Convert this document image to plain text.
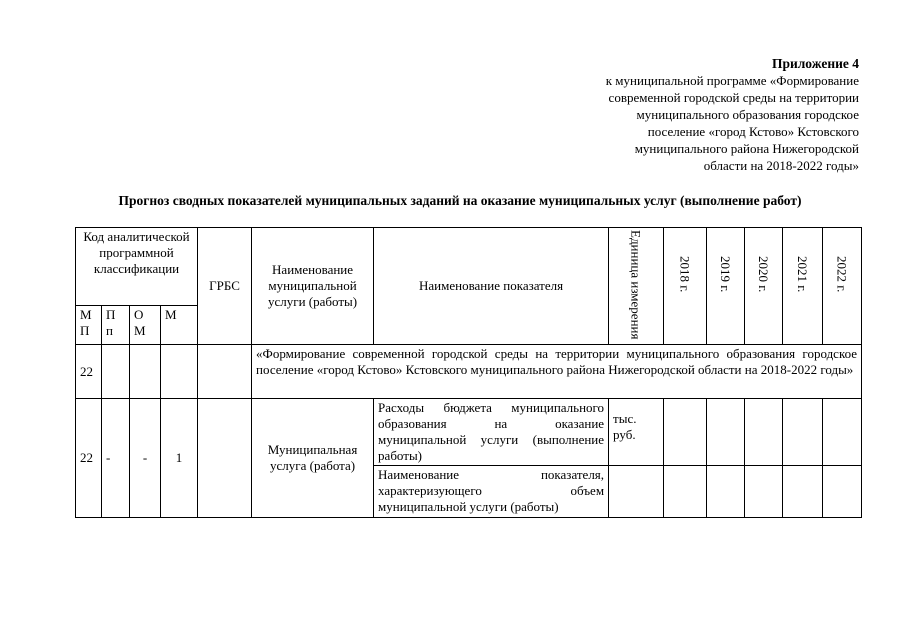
Приложение 4
к муниципальной программе «Формирование
современной городской среды на территории
муниципального образования городское
поселение «город Кстово» Кстовского
муниципального района Нижегородской
области на 2018-2022 годы»
Прогноз сводных показателей муниципальных заданий на оказание муниципальных услуг (выполнение работ)
Код аналитической программной классификации				ГРБС	Наименование муниципальной услуги (работы)	Наименование показателя	Единица измерения	2018 г.	2019 г.	2020 г.	2021 г.	2022 г.
М П	П п	О М	М									
22					«Формирование современной городской среды на территории муниципального образования городское поселение «город Кстово» Кстовского муниципального района Нижегородской области на 2018-2022 годы»							
22	-	-	1		Муниципальная услуга (работа)	Расходы бюджета муниципального образования на оказание муниципальной услуги (выполнение работы)	тыс. руб.					
						Наименование показателя, характеризующего объем муниципальной услуги (работы)						
